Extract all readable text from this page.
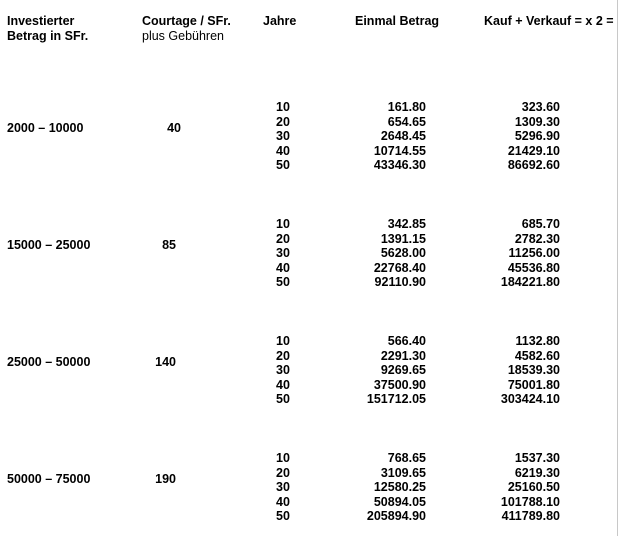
Investierter
Betrag in SFr.
Courtage / SFr.
plus Gebühren
Jahre	Einmal Betrag	Kauf + Verkauf = x 2 =
2000 – 10000	40
10	161.80	323.60
20	654.65	1309.30
30	2648.45	5296.90
40	10714.55	21429.10
50	43346.30	86692.60
15000 – 25000	85
10	342.85	685.70
20	1391.15	2782.30
30	5628.00	11256.00
40	22768.40	45536.80
50	92110.90	184221.80
25000 – 50000	140
10	566.40	1132.80
20	2291.30	4582.60
30	9269.65	18539.30
40	37500.90	75001.80
50	151712.05	303424.10
50000 – 75000	190
10	768.65	1537.30
20	3109.65	6219.30
30	12580.25	25160.50
40	50894.05	101788.10
50	205894.90	411789.80
